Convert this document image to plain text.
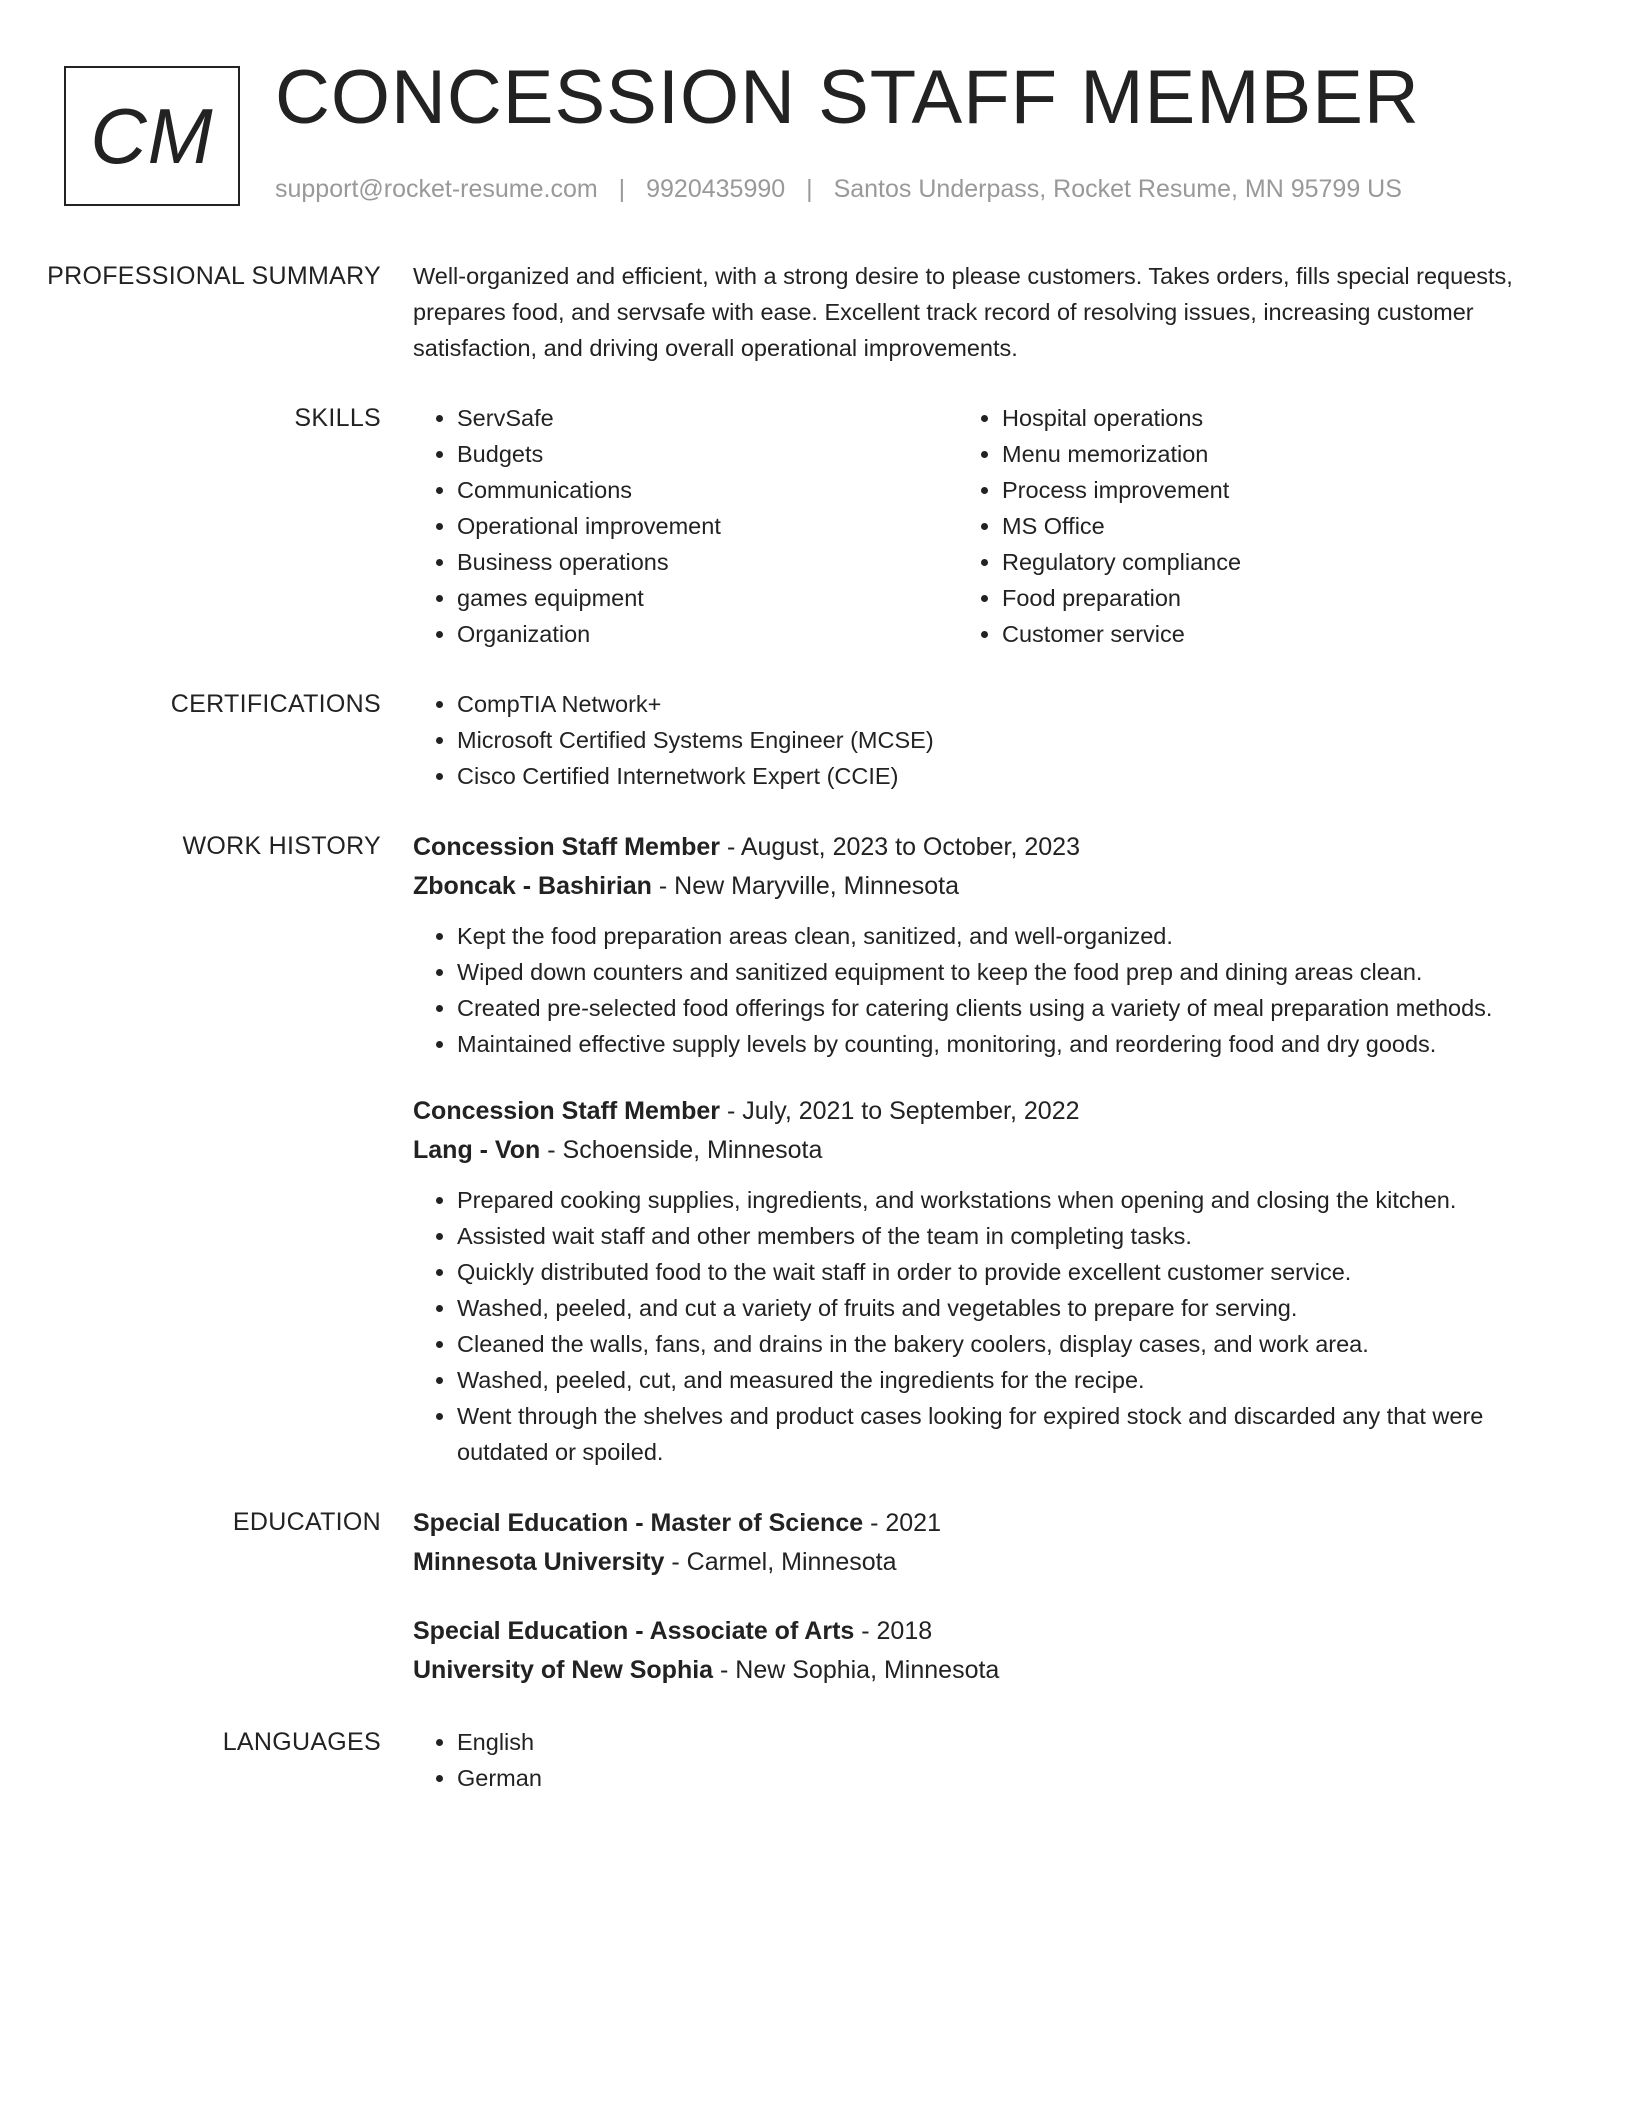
CM CONCESSION STAFF MEMBER
support@rocket-resume.com | 9920435990 | Santos Underpass, Rocket Resume, MN 95799 US
PROFESSIONAL SUMMARY	Well-organized and efficient, with a strong desire to please customers. Takes orders, fills special requests, prepares food, and servsafe with ease. Excellent track record of resolving issues, increasing customer satisfaction, and driving overall operational improvements.

SKILLS	• ServSafe
• Budgets
• Communications
• Operational improvement
• Business operations
• games equipment
• Organization
• Hospital operations
• Menu memorization
• Process improvement
• MS Office
• Regulatory compliance
• Food preparation
• Customer service
CERTIFICATIONS	• CompTIA Network+
• Microsoft Certified Systems Engineer (MCSE)
• Cisco Certified Internetwork Expert (CCIE)
WORK HISTORY	Concession Staff Member - August, 2023 to October, 2023
Zboncak - Bashirian - New Maryville, Minnesota
• Kept the food preparation areas clean, sanitized, and well-organized.
• Wiped down counters and sanitized equipment to keep the food prep and dining areas clean.
• Created pre-selected food offerings for catering clients using a variety of meal preparation methods.
• Maintained effective supply levels by counting, monitoring, and reordering food and dry goods.
Concession Staff Member - July, 2021 to September, 2022
Lang - Von - Schoenside, Minnesota
• Prepared cooking supplies, ingredients, and workstations when opening and closing the kitchen.
• Assisted wait staff and other members of the team in completing tasks.
• Quickly distributed food to the wait staff in order to provide excellent customer service.
• Washed, peeled, and cut a variety of fruits and vegetables to prepare for serving.
• Cleaned the walls, fans, and drains in the bakery coolers, display cases, and work area.
• Washed, peeled, cut, and measured the ingredients for the recipe.
• Went through the shelves and product cases looking for expired stock and discarded any that were outdated or spoiled.
EDUCATION	Special Education - Master of Science - 2021
Minnesota University - Carmel, Minnesota
Special Education - Associate of Arts - 2018
University of New Sophia - New Sophia, Minnesota
LANGUAGES	• English
• German
